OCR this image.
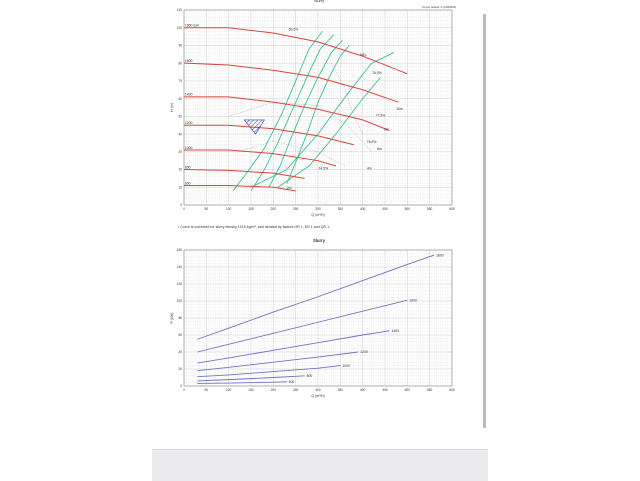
Slurry
Curve status: 0 (2023/03)
0	50	100	150	200	250	300	350	400	450	500	550	600
0
10
20
30
40
50
60
70
80
90
100
110
Q (m³/h)
H (m)
1800 rpm
1600
1400
1200
1000
800
600
69.5%
76.5%
77.5%
78.5%
74.5%
BEL
10m
8m
6m
4m
2m
• Curve is corrected for slurry density 1015 kg/m³, and derated by factors HR 1, ER 1 and QR 1.
Slurry
0	50	100	150	200	250	300	350	400	450	500	550	600
0
20
40
60
80
100
120
140
160
Q (m³/h)
P (kW)
1800
1600
1400
1200
1000
800
600
